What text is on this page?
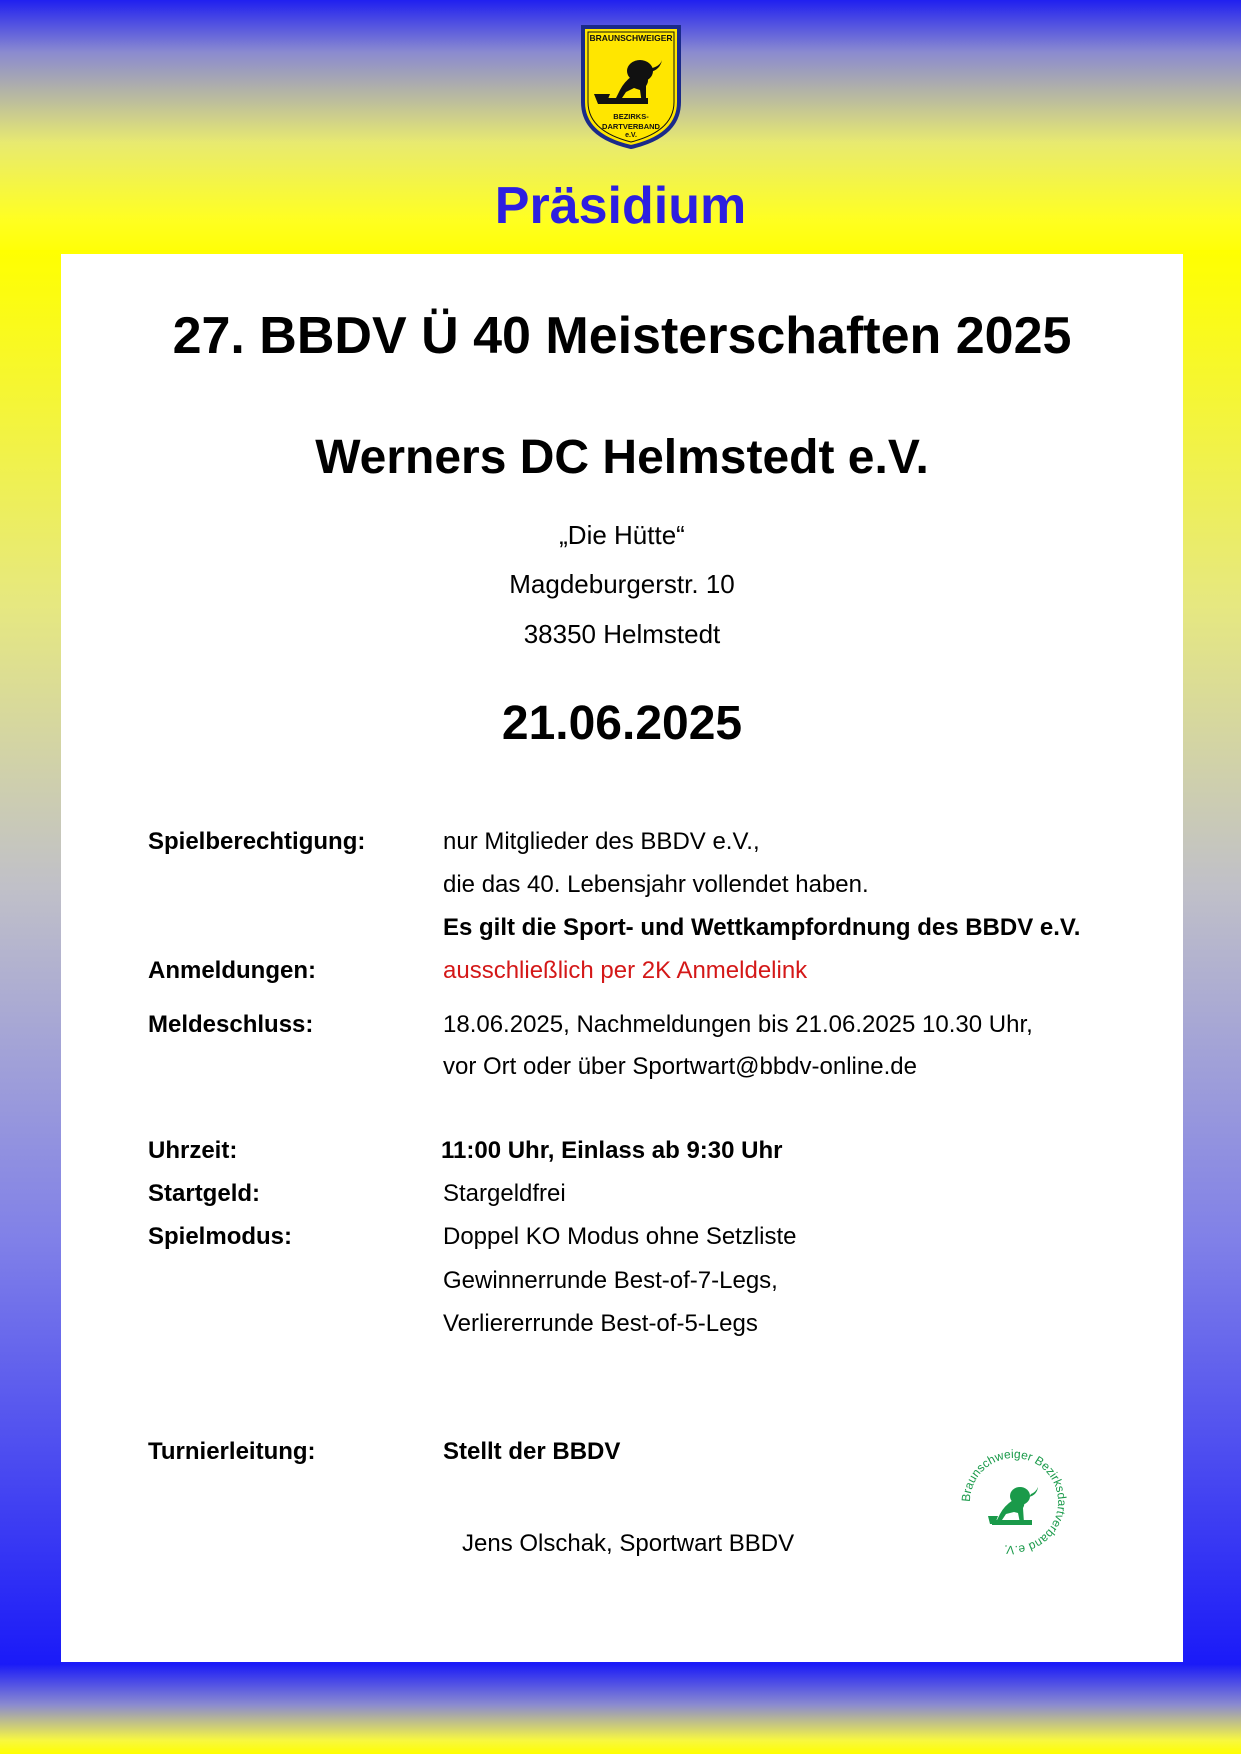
BRAUNSCHWEIGER
BEZIRKS-
DARTVERBAND
e.V.
Präsidium
27. BBDV Ü 40 Meisterschaften 2025
Werners DC Helmstedt e.V.
„Die Hütte“
Magdeburgerstr. 10
38350 Helmstedt
21.06.2025
Spielberechtigung:	nur Mitglieder des BBDV e.V.,
die das 40. Lebensjahr vollendet haben.
Es gilt die Sport- und Wettkampfordnung des BBDV e.V.
Anmeldungen:	ausschließlich per 2K Anmeldelink
Meldeschluss:	18.06.2025, Nachmeldungen bis 21.06.2025 10.30 Uhr,
vor Ort oder über Sportwart@bbdv-online.de
Uhrzeit:	11:00 Uhr, Einlass ab 9:30 Uhr
Startgeld:	Stargeldfrei
Spielmodus:	Doppel KO Modus ohne Setzliste
Gewinnerrunde Best-of-7-Legs,
Verliererrunde Best-of-5-Legs
Turnierleitung:	Stellt der BBDV
Jens Olschak, Sportwart BBDV
Braunschweiger Bezirksdartverband e.V.
